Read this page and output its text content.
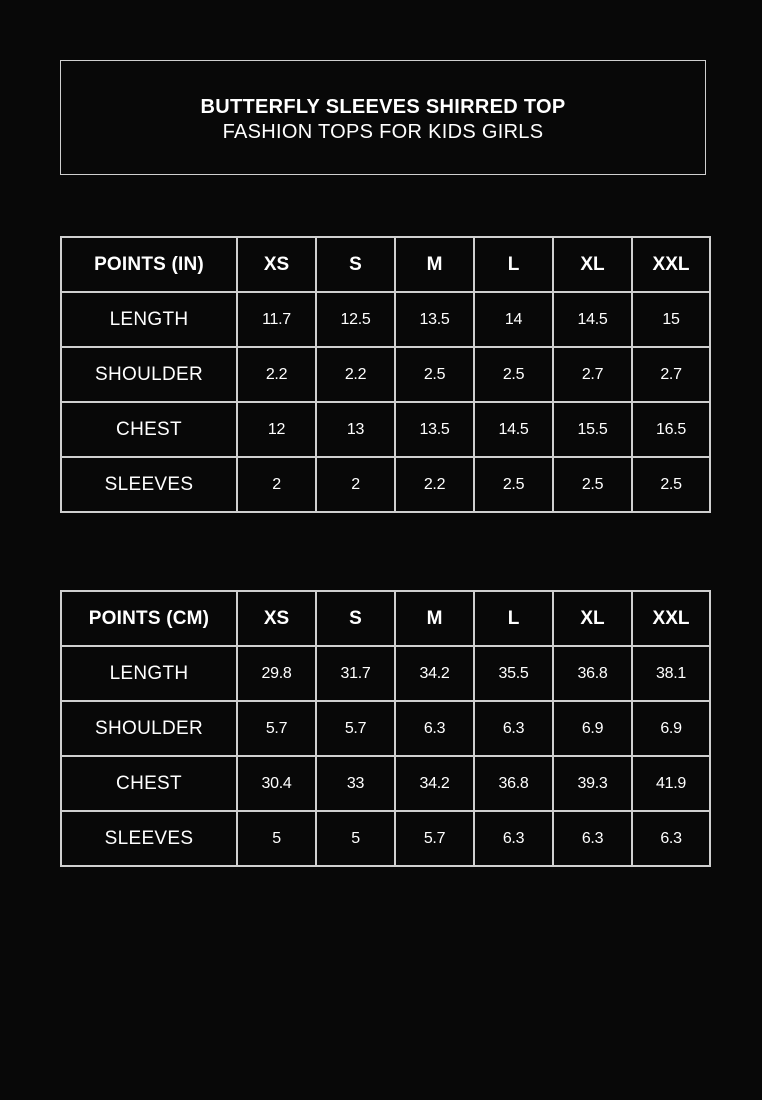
BUTTERFLY SLEEVES SHIRRED TOP
FASHION TOPS FOR KIDS GIRLS
POINTS (IN)	XS	S	M	L	XL	XXL
LENGTH	11.7	12.5	13.5	14	14.5	15
SHOULDER	2.2	2.2	2.5	2.5	2.7	2.7
CHEST	12	13	13.5	14.5	15.5	16.5
SLEEVES	2	2	2.2	2.5	2.5	2.5
POINTS (CM)	XS	S	M	L	XL	XXL
LENGTH	29.8	31.7	34.2	35.5	36.8	38.1
SHOULDER	5.7	5.7	6.3	6.3	6.9	6.9
CHEST	30.4	33	34.2	36.8	39.3	41.9
SLEEVES	5	5	5.7	6.3	6.3	6.3
